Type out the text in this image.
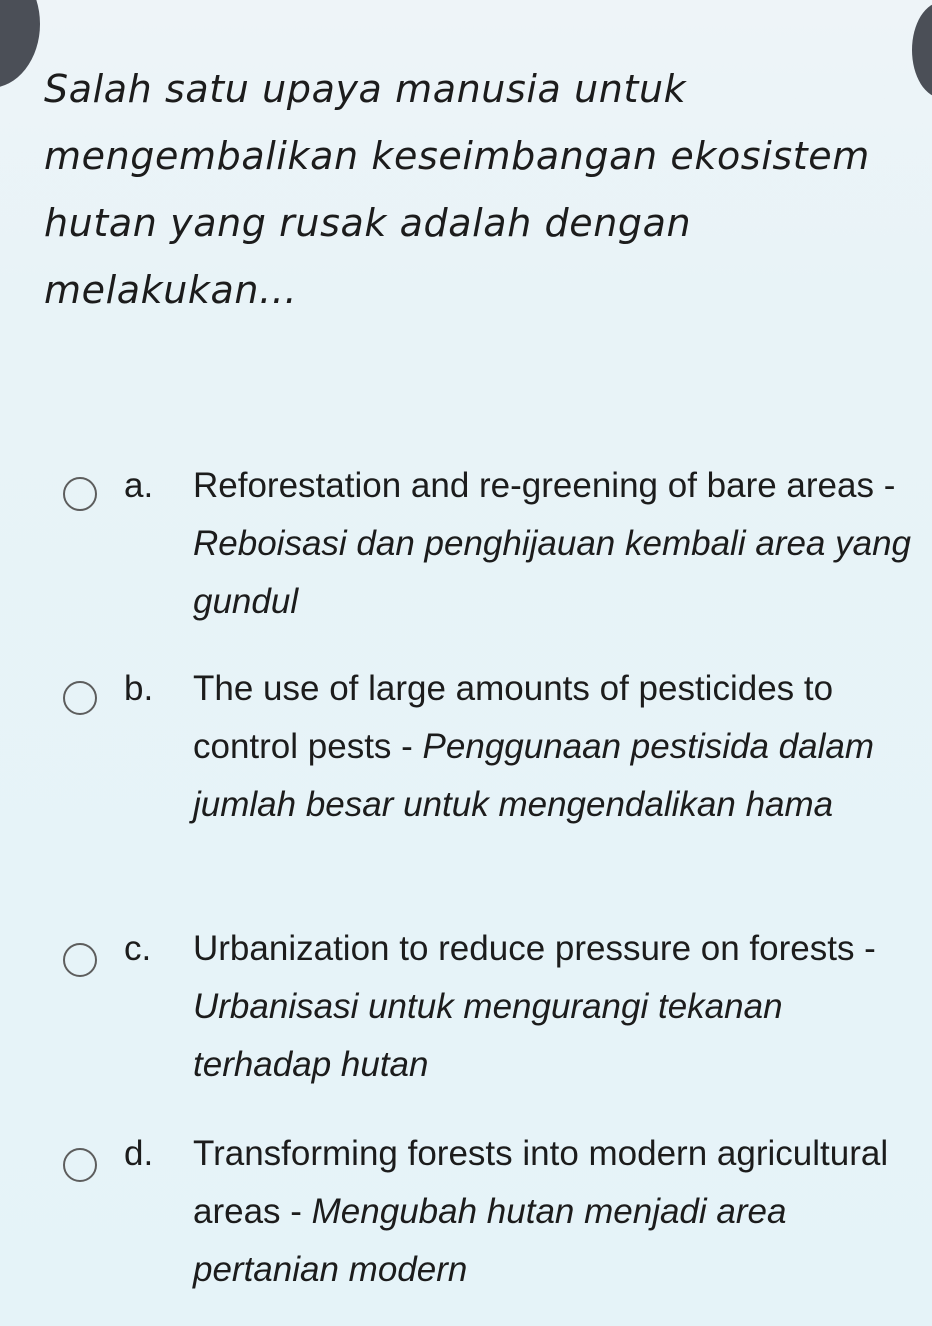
Salah satu upaya manusia untuk mengembalikan keseimbangan ekosistem hutan yang rusak adalah dengan melakukan...

a. Reforestation and re-greening of bare areas - Reboisasi dan penghijauan kembali area yang gundul
b. The use of large amounts of pesticides to control pests - Penggunaan pestisida dalam jumlah besar untuk mengendalikan hama
c. Urbanization to reduce pressure on forests - Urbanisasi untuk mengurangi tekanan terhadap hutan
d. Transforming forests into modern agricultural areas - Mengubah hutan menjadi area pertanian modern
